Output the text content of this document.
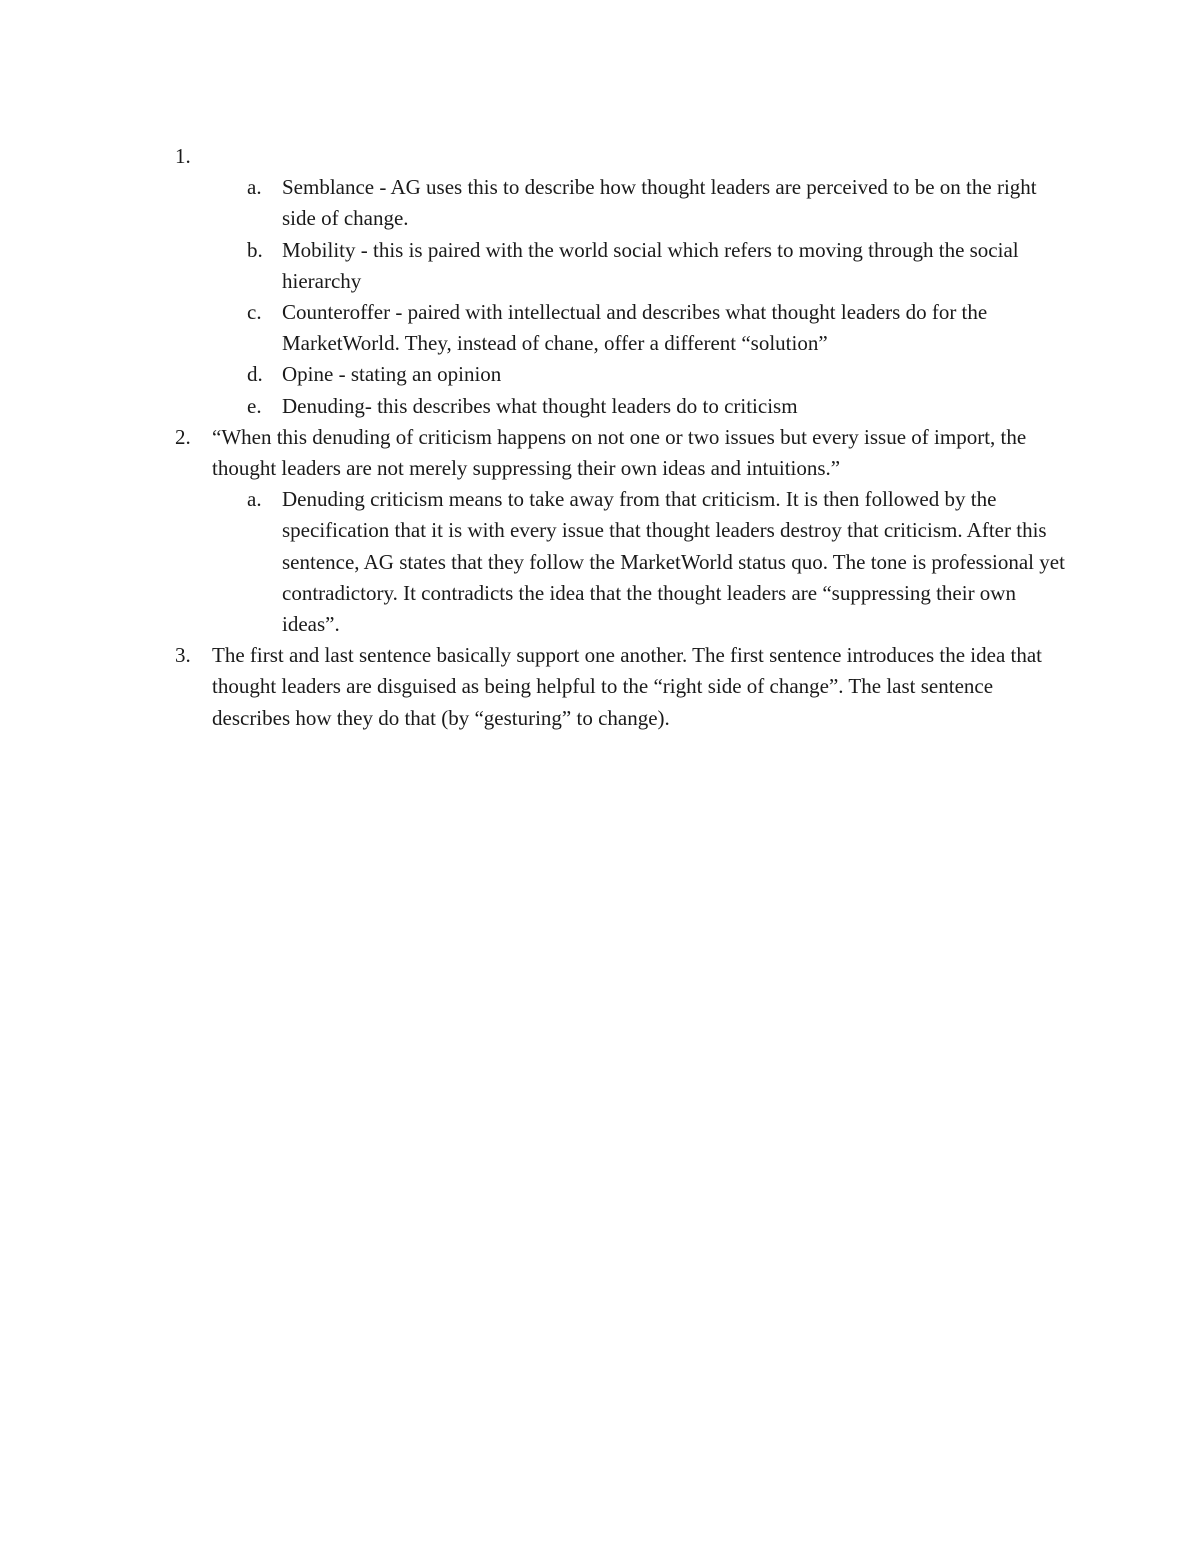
1.
a. Semblance - AG uses this to describe how thought leaders are perceived to be on the right side of change.
b. Mobility - this is paired with the world social which refers to moving through the social hierarchy
c. Counteroffer - paired with intellectual and describes what thought leaders do for the MarketWorld. They, instead of chane, offer a different “solution”
d. Opine - stating an opinion
e. Denuding- this describes what thought leaders do to criticism
2. “When this denuding of criticism happens on not one or two issues but every issue of import, the thought leaders are not merely suppressing their own ideas and intuitions.”
a. Denuding criticism means to take away from that criticism. It is then followed by the specification that it is with every issue that thought leaders destroy that criticism. After this sentence, AG states that they follow the MarketWorld status quo. The tone is professional yet contradictory. It contradicts the idea that the thought leaders are “suppressing their own ideas”.
3. The first and last sentence basically support one another. The first sentence introduces the idea that thought leaders are disguised as being helpful to the “right side of change”. The last sentence describes how they do that (by “gesturing” to change).
